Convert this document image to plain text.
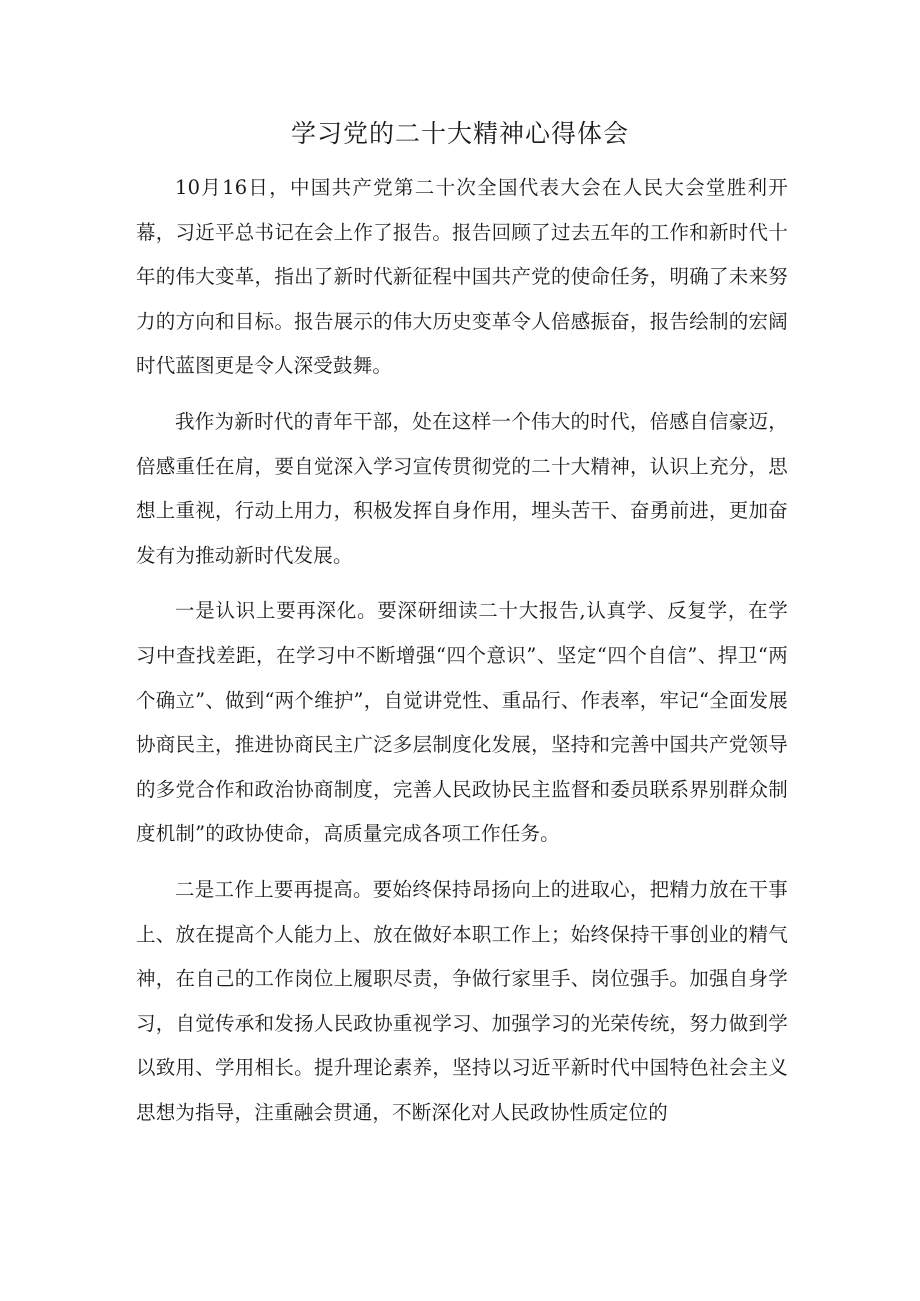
学习党的二十大精神心得体会

10月16日，中国共产党第二十次全国代表大会在人民大会堂胜利开幕，习近平总书记在会上作了报告。报告回顾了过去五年的工作和新时代十年的伟大变革，指出了新时代新征程中国共产党的使命任务，明确了未来努力的方向和目标。报告展示的伟大历史变革令人倍感振奋，报告绘制的宏阔时代蓝图更是令人深受鼓舞。

我作为新时代的青年干部，处在这样一个伟大的时代，倍感自信豪迈，倍感重任在肩，要自觉深入学习宣传贯彻党的二十大精神，认识上充分，思想上重视，行动上用力，积极发挥自身作用，埋头苦干、奋勇前进，更加奋发有为推动新时代发展。

一是认识上要再深化。要深研细读二十大报告,认真学、反复学，在学习中查找差距，在学习中不断增强“四个意识”、坚定“四个自信”、捍卫“两个确立”、做到“两个维护”，自觉讲党性、重品行、作表率，牢记“全面发展协商民主，推进协商民主广泛多层制度化发展，坚持和完善中国共产党领导的多党合作和政治协商制度，完善人民政协民主监督和委员联系界别群众制度机制”的政协使命，高质量完成各项工作任务。

二是工作上要再提高。要始终保持昂扬向上的进取心，把精力放在干事上、放在提高个人能力上、放在做好本职工作上；始终保持干事创业的精气神，在自己的工作岗位上履职尽责，争做行家里手、岗位强手。加强自身学习，自觉传承和发扬人民政协重视学习、加强学习的光荣传统，努力做到学以致用、学用相长。提升理论素养，坚持以习近平新时代中国特色社会主义思想为指导，注重融会贯通，不断深化对人民政协性质定位的
